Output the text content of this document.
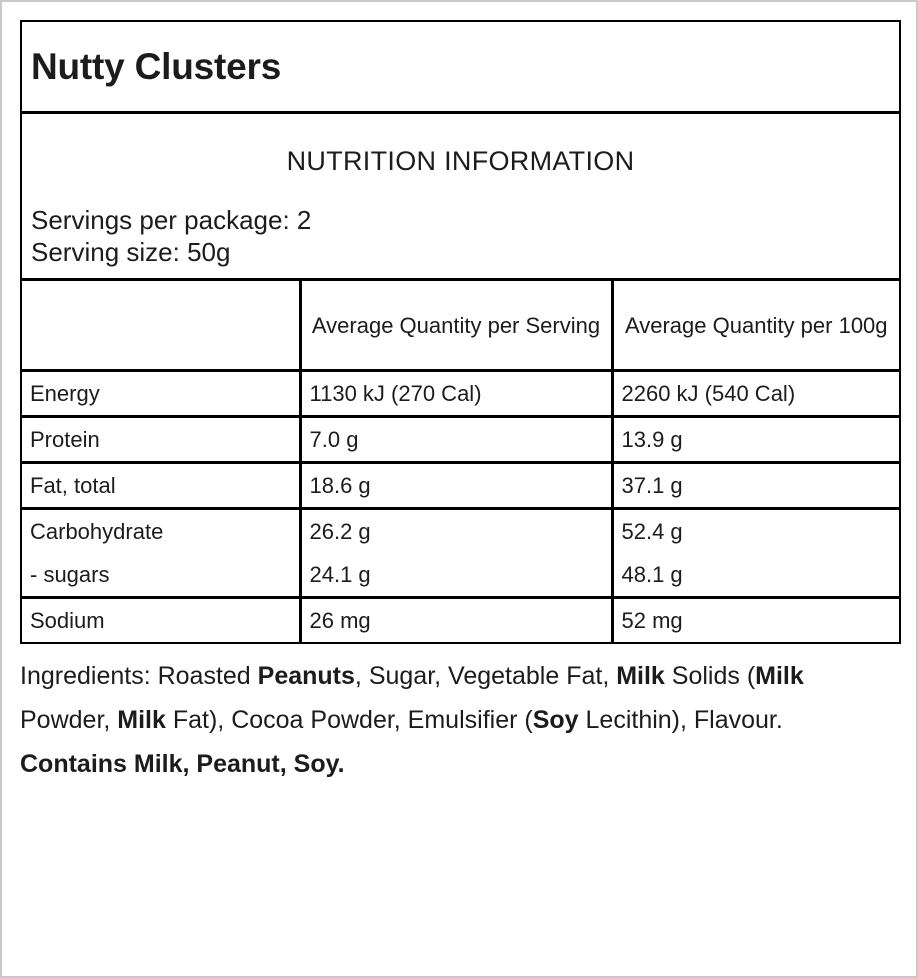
Nutty Clusters
NUTRITION INFORMATION
Servings per package: 2
Serving size: 50g
	Average Quantity per Serving	Average Quantity per 100g
Energy	1130 kJ (270 Cal)	2260 kJ (540 Cal)
Protein	7.0 g	13.9 g
Fat, total	18.6 g	37.1 g
Carbohydrate	26.2 g	52.4 g
- sugars	24.1 g	48.1 g
Sodium	26 mg	52 mg
Ingredients: Roasted Peanuts, Sugar, Vegetable Fat, Milk Solids (Milk Powder, Milk Fat), Cocoa Powder, Emulsifier (Soy Lecithin), Flavour.
Contains Milk, Peanut, Soy.
